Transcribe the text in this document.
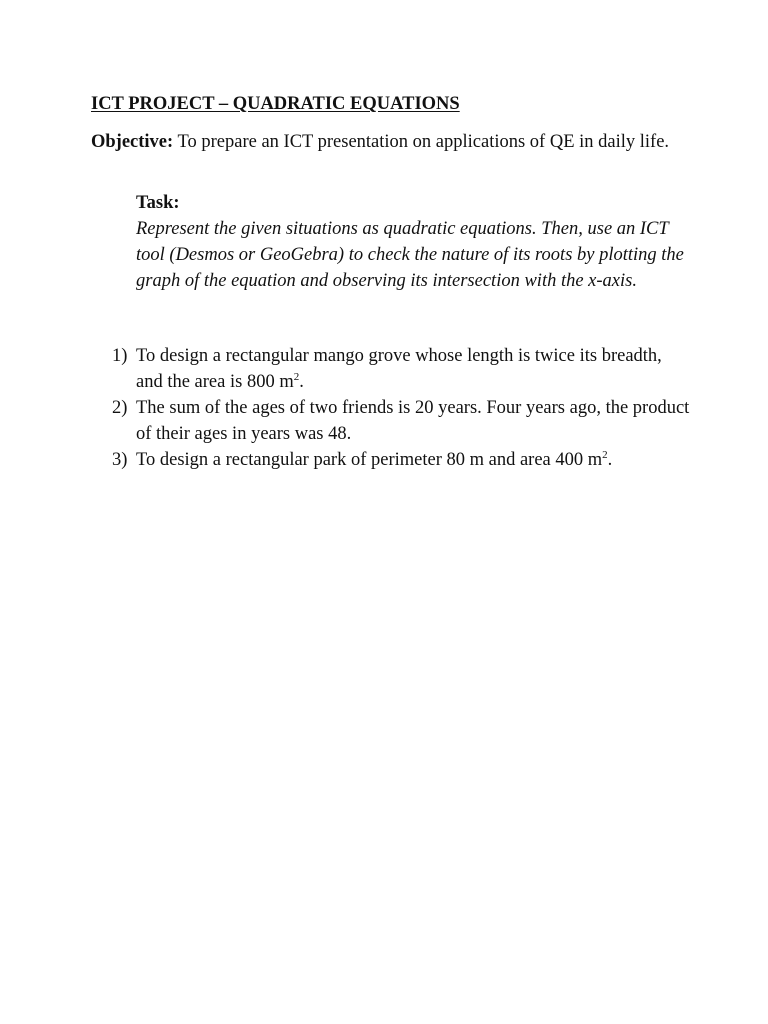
ICT PROJECT – QUADRATIC EQUATIONS
Objective: To prepare an ICT presentation on applications of QE in daily life.
Task:
Represent the given situations as quadratic equations. Then, use an ICT tool (Desmos or GeoGebra) to check the nature of its roots by plotting the graph of the equation and observing its intersection with the x-axis.
1) To design a rectangular mango grove whose length is twice its breadth, and the area is 800 $m^2$.
2) The sum of the ages of two friends is 20 years. Four years ago, the product of their ages in years was 48.
3) To design a rectangular park of perimeter 80 m and area 400 $m^2$.
